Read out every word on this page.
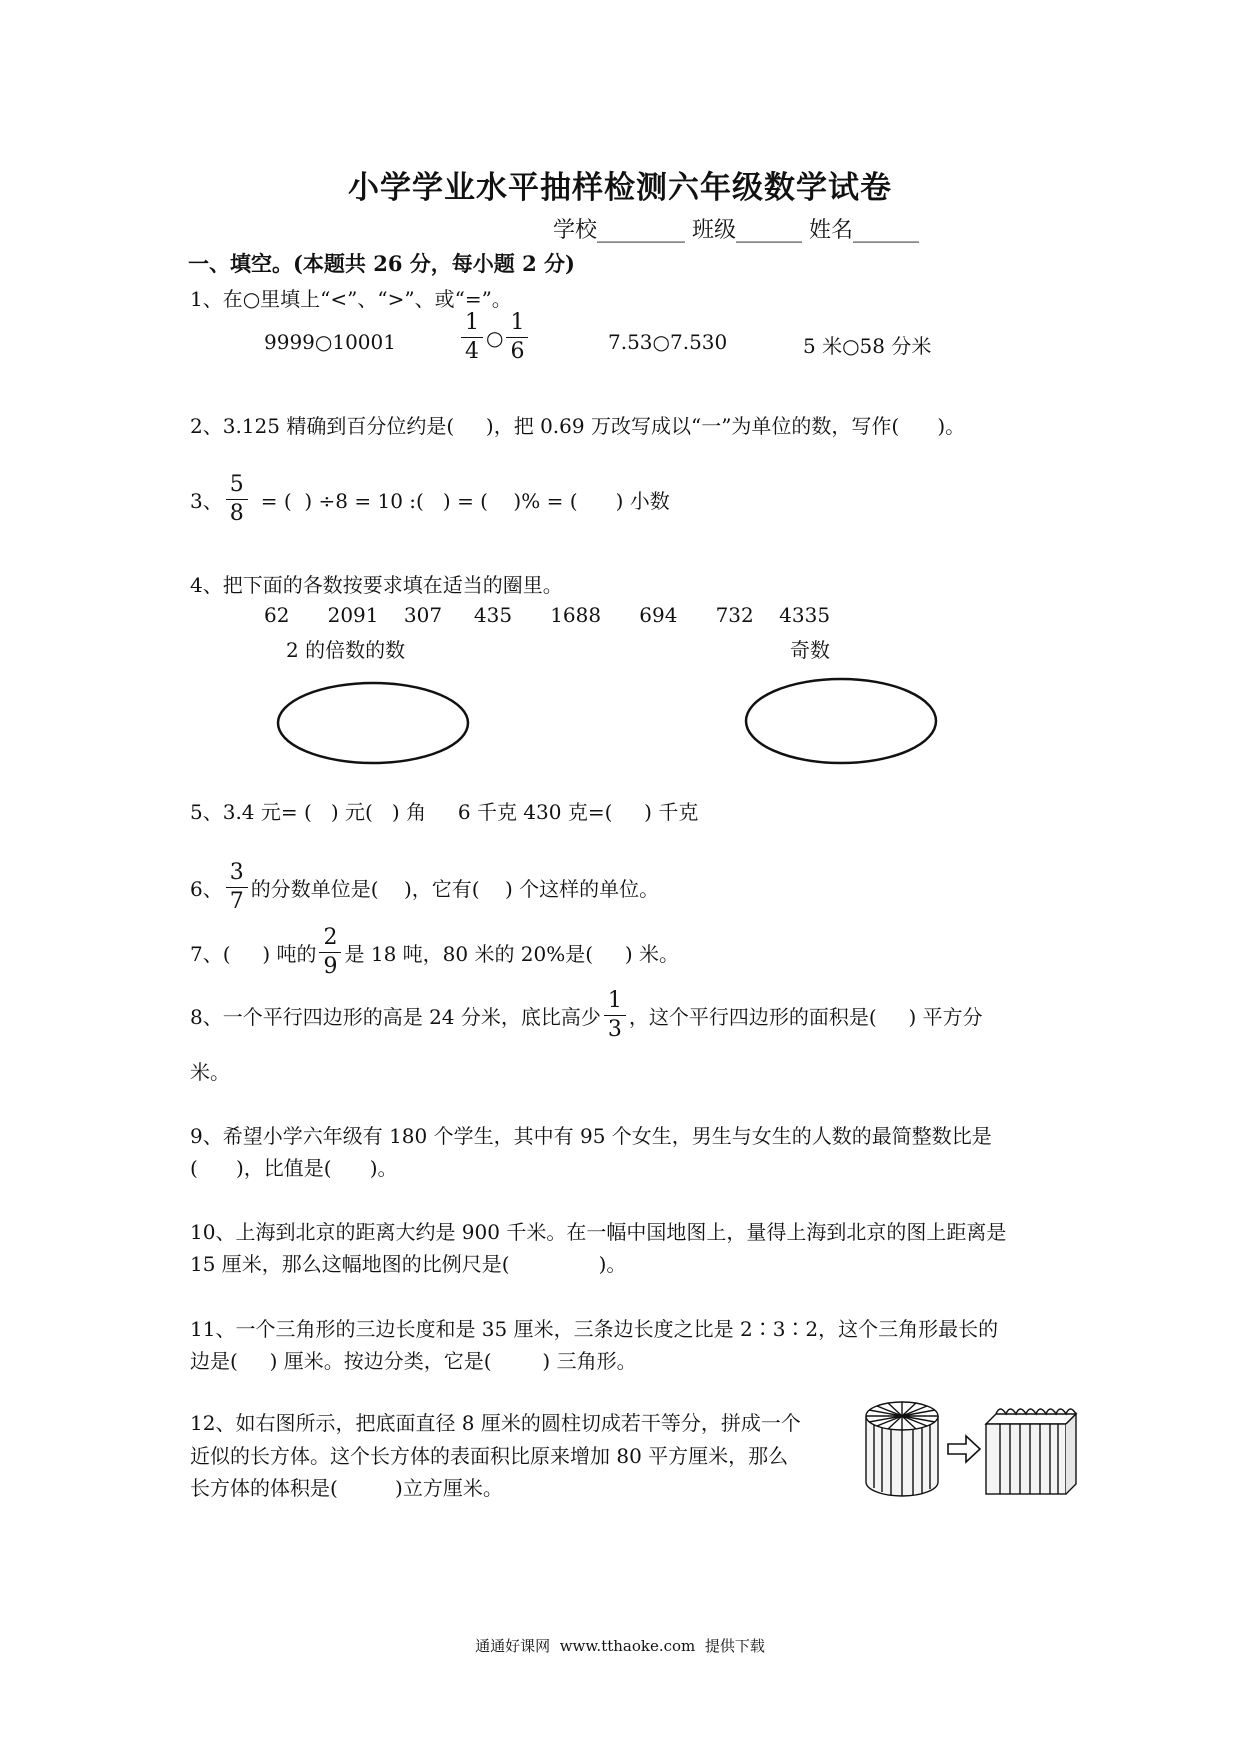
小学学业水平抽样检测六年级数学试卷
学校________ 班级______ 姓名______
一、填空。(本题共 26 分，每小题 2 分)
1、在○里填上“<”、“>”、或“=”。
9999○10001	$\frac{1}{4}$ ○ $\frac{1}{6}$	7.53○7.530	5 米○58 分米
2、3.125 精确到百分位约是(     )，把 0.69 万改写成以“一”为单位的数，写作(      )。
3、 $\frac{5}{8}$ = (  ) ÷8 = 10 :(   ) = (    )% = (      ) 小数
4、把下面的各数按要求填在适当的圈里。
62      2091    307     435      1688      694      732    4335
2 的倍数的数	奇数
5、3.4 元= (   ) 元(   ) 角     6 千克 430 克=(     ) 千克
6、 $\frac{3}{7}$ 的分数单位是(    )，它有(    ) 个这样的单位。
7、(     ) 吨的 $\frac{2}{9}$ 是 18 吨，80 米的 20%是(     ) 米。
8、一个平行四边形的高是 24 分米，底比高少 $\frac{1}{3}$ ，这个平行四边形的面积是(     ) 平方分
米。
9、希望小学六年级有 180 个学生，其中有 95 个女生，男生与女生的人数的最简整数比是
(      )，比值是(      )。
10、上海到北京的距离大约是 900 千米。在一幅中国地图上，量得上海到北京的图上距离是
15 厘米，那么这幅地图的比例尺是(              )。
11、一个三角形的三边长度和是 35 厘米，三条边长度之比是 2∶3∶2，这个三角形最长的
边是(     ) 厘米。按边分类，它是(        ) 三角形。
12、如右图所示，把底面直径 8 厘米的圆柱切成若干等分，拼成一个
近似的长方体。这个长方体的表面积比原来增加 80 平方厘米，那么
长方体的体积是(         )立方厘米。
通通好课网  www.tthaoke.com  提供下载
